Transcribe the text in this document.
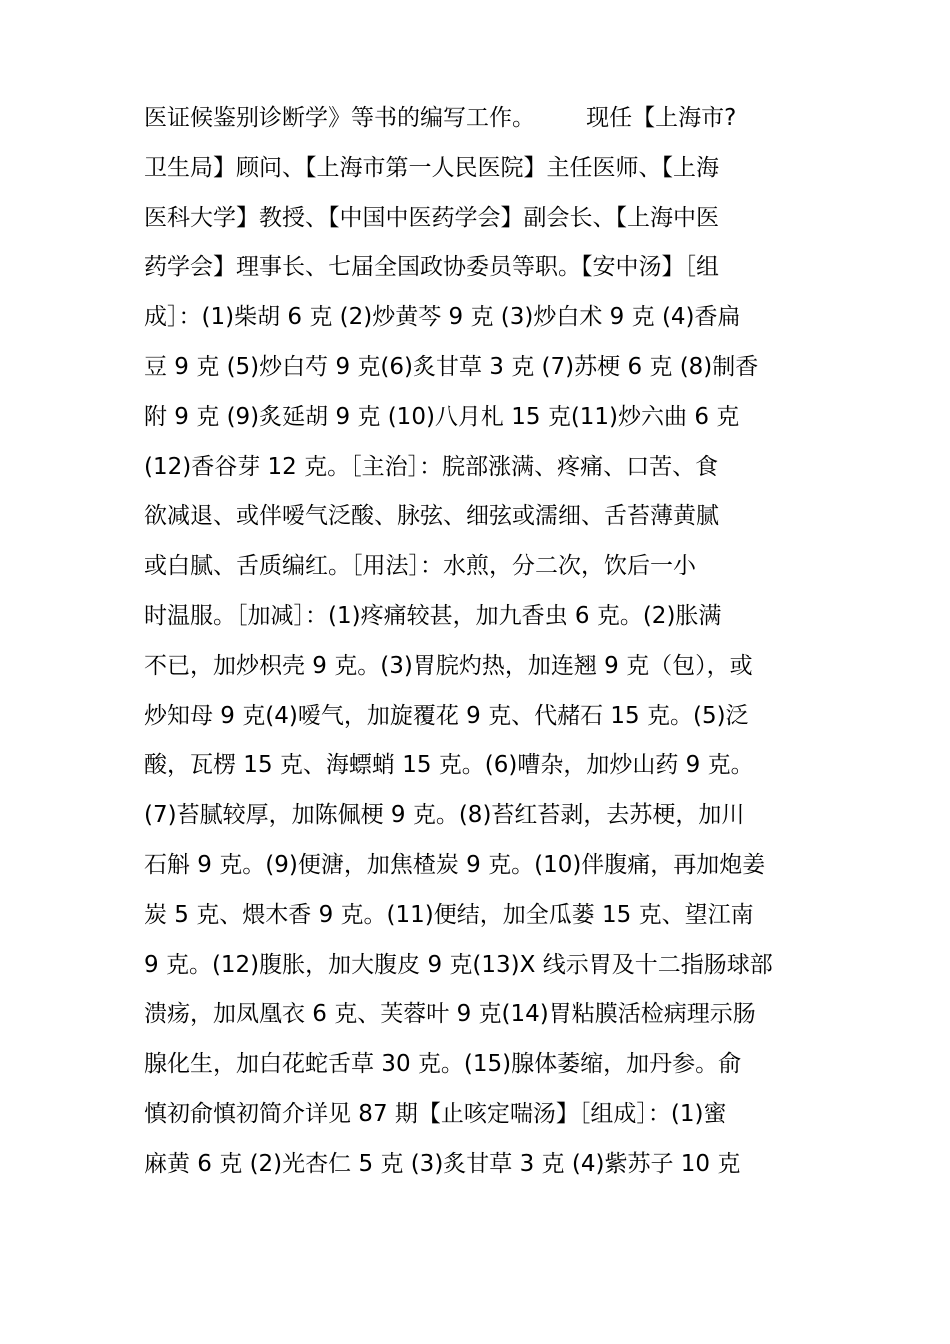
医证候鉴别诊断学》等书的编写工作。       现任【上海市?
卫生局】顾问、【上海市第一人民医院】主任医师、【上海
医科大学】教授、【中国中医药学会】副会长、【上海中医
药学会】理事长、七届全国政协委员等职。【安中汤】［组
成］：(1)柴胡 6 克 (2)炒黄芩 9 克 (3)炒白术 9 克 (4)香扁
豆 9 克 (5)炒白芍 9 克(6)炙甘草 3 克 (7)苏梗 6 克 (8)制香
附 9 克 (9)炙延胡 9 克 (10)八月札 15 克(11)炒六曲 6 克
(12)香谷芽 12 克。［主治］：脘部涨满、疼痛、口苦、食
欲减退、或伴嗳气泛酸、脉弦、细弦或濡细、舌苔薄黄腻
或白腻、舌质编红。［用法］：水煎，分二次，饮后一小
时温服。［加减］：(1)疼痛较甚，加九香虫 6 克。(2)胀满
不已，加炒枳壳 9 克。(3)胃脘灼热，加连翘 9 克（包），或
炒知母 9 克(4)嗳气，加旋覆花 9 克、代赭石 15 克。(5)泛
酸，瓦楞 15 克、海螵蛸 15 克。(6)嘈杂，加炒山药 9 克。
(7)苔腻较厚，加陈佩梗 9 克。(8)苔红苔剥，去苏梗，加川
石斛 9 克。(9)便溏，加焦楂炭 9 克。(10)伴腹痛，再加炮姜
炭 5 克、煨木香 9 克。(11)便结，加全瓜蒌 15 克、望江南
9 克。(12)腹胀，加大腹皮 9 克(13)X 线示胃及十二指肠球部
溃疡，加凤凰衣 6 克、芙蓉叶 9 克(14)胃粘膜活检病理示肠
腺化生，加白花蛇舌草 30 克。(15)腺体萎缩，加丹参。俞
慎初俞慎初简介详见 87 期【止咳定喘汤】［组成］：(1)蜜
麻黄 6 克 (2)光杏仁 5 克 (3)炙甘草 3 克 (4)紫苏子 10 克
